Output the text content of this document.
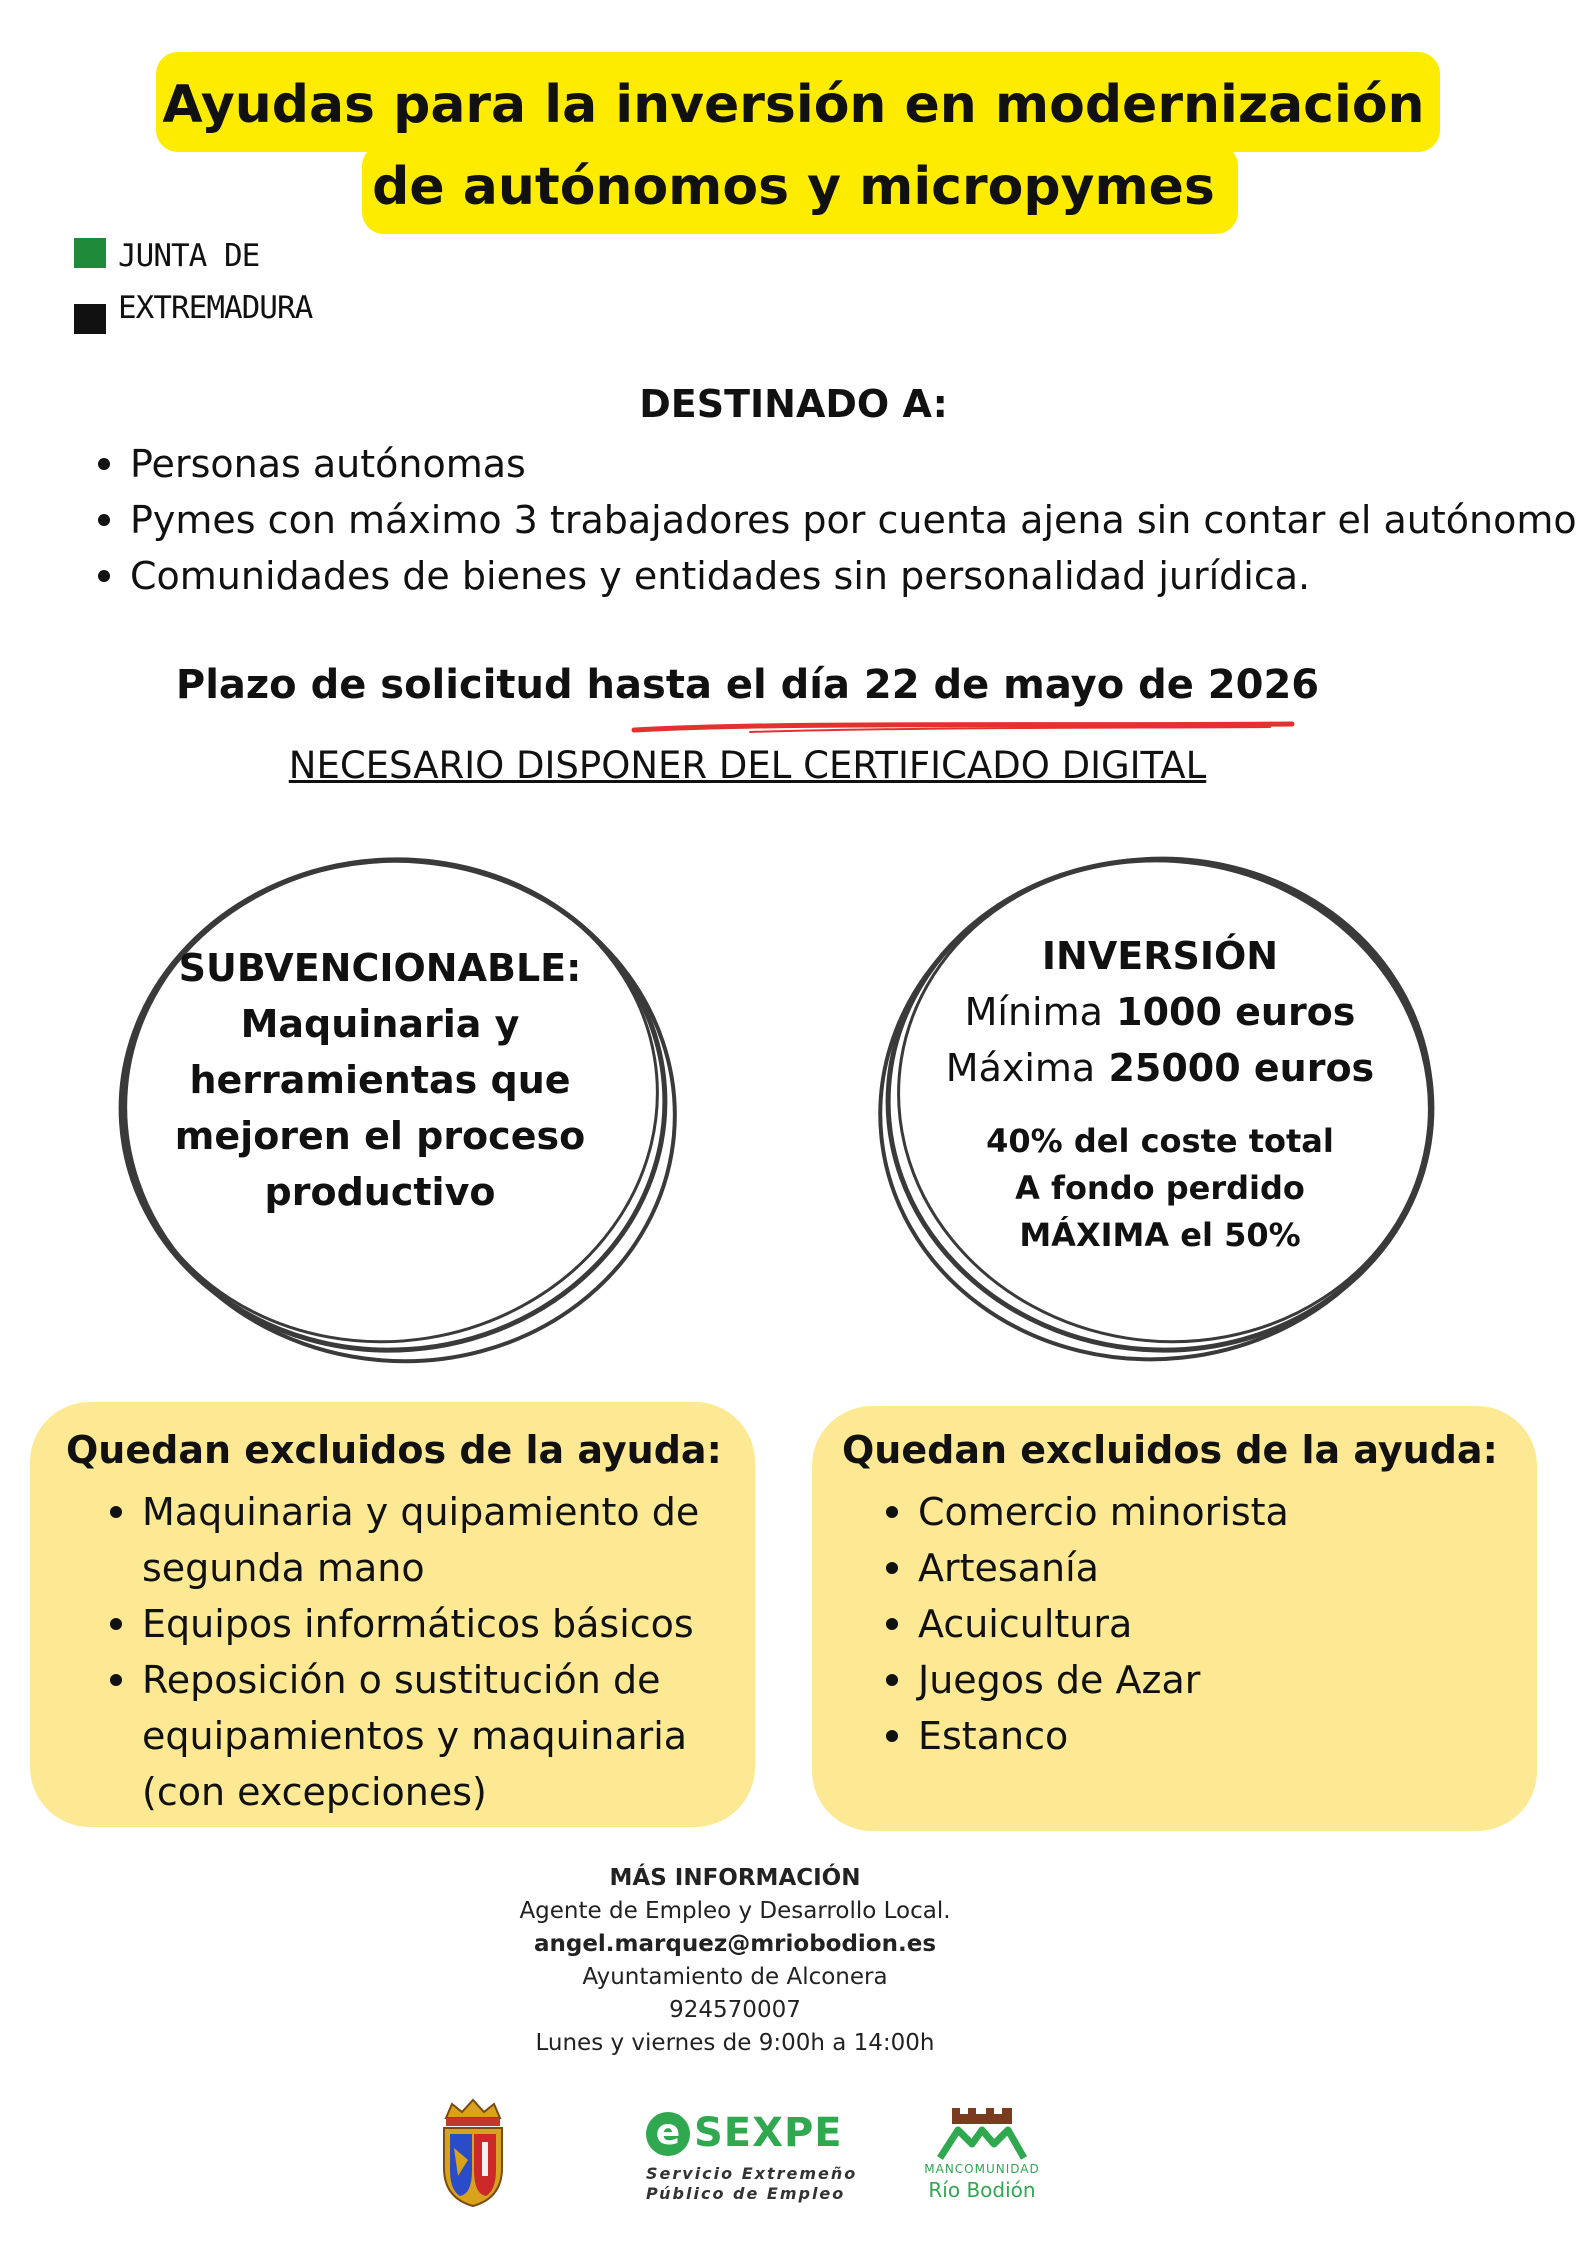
Ayudas para la inversión en modernización
de autónomos y micropymes
JUNTA DE
EXTREMADURA
DESTINADO A:
Personas autónomas
Pymes con máximo 3 trabajadores por cuenta ajena sin contar el autónomo
Comunidades de bienes y entidades sin personalidad jurídica.
Plazo de solicitud hasta el día 22 de mayo de 2026
NECESARIO DISPONER DEL CERTIFICADO DIGITAL
SUBVENCIONABLE:
Maquinaria y
herramientas que
mejoren el proceso
productivo
INVERSIÓN
Mínima 1000 euros
Máxima 25000 euros
40% del coste total
A fondo perdido
MÁXIMA el 50%
Quedan excluidos de la ayuda:
Maquinaria y quipamiento de segunda mano
Equipos informáticos básicos
Reposición o sustitución de equipamientos y maquinaria (con excepciones)
Quedan excluidos de la ayuda:
Comercio minorista
Artesanía
Acuicultura
Juegos de Azar
Estanco
MÁS INFORMACIÓN
Agente de Empleo y Desarrollo Local.
angel.marquez@mriobodion.es
Ayuntamiento de Alconera
924570007
Lunes y viernes de 9:00h a 14:00h
e SEXPE
Servicio Extremeño
Público de Empleo
MANCOMUNIDAD
Río Bodión
